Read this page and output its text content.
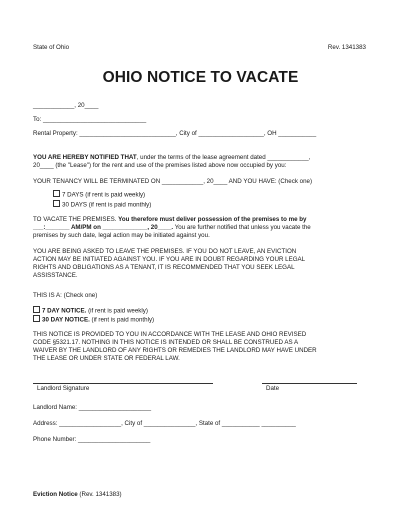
State of Ohio	Rev. 1341383
OHIO NOTICE TO VACATE
____________, 20____
To: ______________________________
Rental Property: ____________________________, City of ___________________, OH ___________
YOU ARE HEREBY NOTIFIED THAT, under the terms of the lease agreement dated ____________,
20____ (the "Lease") for the rent and use of the premises listed above now occupied by you:
YOUR TENANCY WILL BE TERMINATED ON ____________, 20____ AND YOU HAVE: (Check one)
7 DAYS (if rent is paid weekly)
30 DAYS (if rent is paid monthly)
TO VACATE THE PREMISES. You therefore must deliver possession of the premises to me by
___:_______ AM/PM on _____________, 20____. You are further notified that unless you vacate the
premises by such date, legal action may be initiated against you.
YOU ARE BEING ASKED TO LEAVE THE PREMISES. IF YOU DO NOT LEAVE, AN EVICTION
ACTION MAY BE INITIATED AGAINST YOU. IF YOU ARE IN DOUBT REGARDING YOUR LEGAL
RIGHTS AND OBLIGATIONS AS A TENANT, IT IS RECOMMENDED THAT YOU SEEK LEGAL
ASSISSTANCE.
THIS IS A: (Check one)
7 DAY NOTICE. (if rent is paid weekly)
30 DAY NOTICE. (if rent is paid monthly)
THIS NOTICE IS PROVIDED TO YOU IN ACCORDANCE WITH THE LEASE AND OHIO REVISED
CODE §5321.17. NOTHING IN THIS NOTICE IS INTENDED OR SHALL BE CONSTRUED AS A
WAIVER BY THE LANDLORD OF ANY RIGHTS OR REMEDIES THE LANDLORD MAY HAVE UNDER
THE LEASE OR UNDER STATE OR FEDERAL LAW.
Landlord Signature	Date
Landlord Name: _____________________
Address: __________________, City of _______________, State of ___________ __________
Phone Number: _____________________
Eviction Notice (Rev. 1341383)
